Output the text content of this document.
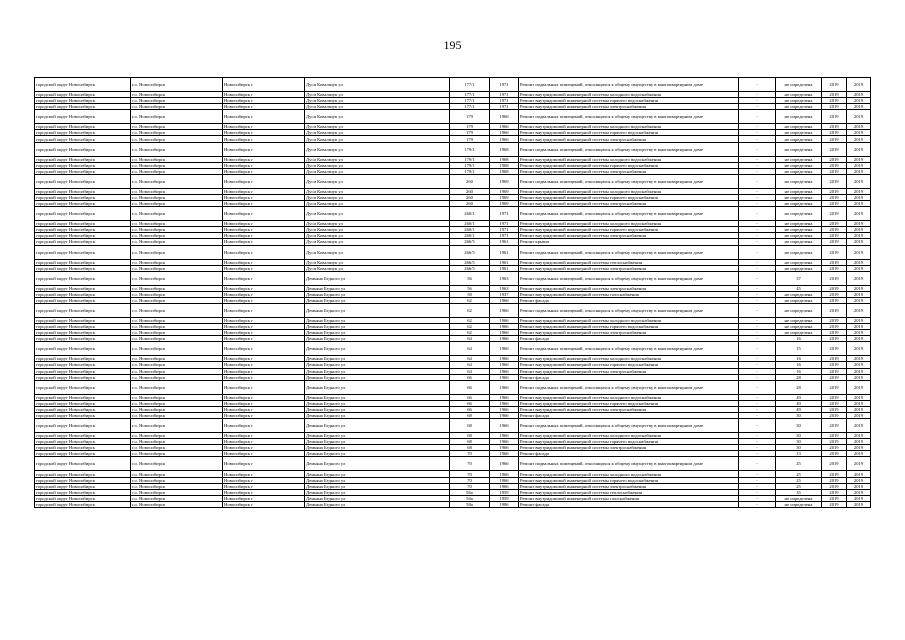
195
городской округ Новосибирск	г.о. Новосибирск	Новосибирск г	Дуси Ковальчук ул	177/1	1971	Ремонт подвальных помещений, относящихся к общему имуществу в многоквартирном доме	-	не определена	2019	2019
городской округ Новосибирск	г.о. Новосибирск	Новосибирск г	Дуси Ковальчук ул	177/1	1971	Ремонт внутридомовой инженерной системы холодного водоснабжения	-	не определена	2019	2019
городской округ Новосибирск	г.о. Новосибирск	Новосибирск г	Дуси Ковальчук ул	177/1	1971	Ремонт внутридомовой инженерной системы горячего водоснабжения	-	не определена	2019	2019
городской округ Новосибирск	г.о. Новосибирск	Новосибирск г	Дуси Ковальчук ул	177/1	1971	Ремонт внутридомовой инженерной системы электроснабжения	-	не определена	2019	2019
городской округ Новосибирск	г.о. Новосибирск	Новосибирск г	Дуси Ковальчук ул	179	1966	Ремонт подвальных помещений, относящихся к общему имуществу в многоквартирном доме	-	не определена	2019	2019
городской округ Новосибирск	г.о. Новосибирск	Новосибирск г	Дуси Ковальчук ул	179	1966	Ремонт внутридомовой инженерной системы холодного водоснабжения	-	не определена	2019	2019
городской округ Новосибирск	г.о. Новосибирск	Новосибирск г	Дуси Ковальчук ул	179	1966	Ремонт внутридомовой инженерной системы горячего водоснабжения	-	не определена	2019	2019
городской округ Новосибирск	г.о. Новосибирск	Новосибирск г	Дуси Ковальчук ул	179	1966	Ремонт внутридомовой инженерной системы электроснабжения	-	не определена	2019	2019
городской округ Новосибирск	г.о. Новосибирск	Новосибирск г	Дуси Ковальчук ул	179/1	1968	Ремонт подвальных помещений, относящихся к общему имуществу в многоквартирном доме	-	не определена	2019	2019
городской округ Новосибирск	г.о. Новосибирск	Новосибирск г	Дуси Ковальчук ул	179/1	1968	Ремонт внутридомовой инженерной системы холодного водоснабжения	-	не определена	2019	2019
городской округ Новосибирск	г.о. Новосибирск	Новосибирск г	Дуси Ковальчук ул	179/1	1968	Ремонт внутридомовой инженерной системы горячего водоснабжения	-	не определена	2019	2019
городской округ Новосибирск	г.о. Новосибирск	Новосибирск г	Дуси Ковальчук ул	179/1	1968	Ремонт внутридомовой инженерной системы электроснабжения	-	не определена	2019	2019
городской округ Новосибирск	г.о. Новосибирск	Новосибирск г	Дуси Ковальчук ул	260	1969	Ремонт подвальных помещений, относящихся к общему имуществу в многоквартирном доме	-	не определена	2019	2019
городской округ Новосибирск	г.о. Новосибирск	Новосибирск г	Дуси Ковальчук ул	260	1969	Ремонт внутридомовой инженерной системы холодного водоснабжения	-	не определена	2019	2019
городской округ Новосибирск	г.о. Новосибирск	Новосибирск г	Дуси Ковальчук ул	260	1969	Ремонт внутридомовой инженерной системы горячего водоснабжения	-	не определена	2019	2019
городской округ Новосибирск	г.о. Новосибирск	Новосибирск г	Дуси Ковальчук ул	260	1969	Ремонт внутридомовой инженерной системы электроснабжения	-	не определена	2019	2019
городской округ Новосибирск	г.о. Новосибирск	Новосибирск г	Дуси Ковальчук ул	260/1	1971	Ремонт подвальных помещений, относящихся к общему имуществу в многоквартирном доме	-	не определена	2019	2019
городской округ Новосибирск	г.о. Новосибирск	Новосибирск г	Дуси Ковальчук ул	260/1	1971	Ремонт внутридомовой инженерной системы холодного водоснабжения	-	не определена	2019	2019
городской округ Новосибирск	г.о. Новосибирск	Новосибирск г	Дуси Ковальчук ул	260/1	1971	Ремонт внутридомовой инженерной системы горячего водоснабжения	-	не определена	2019	2019
городской округ Новосибирск	г.о. Новосибирск	Новосибирск г	Дуси Ковальчук ул	260/1	1971	Ремонт внутридомовой инженерной системы электроснабжения	-	не определена	2019	2019
городской округ Новосибирск	г.о. Новосибирск	Новосибирск г	Дуси Ковальчук ул	266/5	1961	Ремонт крыши	-	не определена	2019	2019
городской округ Новосибирск	г.о. Новосибирск	Новосибирск г	Дуси Ковальчук ул	266/5	1961	Ремонт подвальных помещений, относящихся к общему имуществу в многоквартирном доме	-	не определена	2019	2019
городской округ Новосибирск	г.о. Новосибирск	Новосибирск г	Дуси Ковальчук ул	266/5	1961	Ремонт внутридомовой инженерной системы теплоснабжения	-	не определена	2019	2019
городской округ Новосибирск	г.о. Новосибирск	Новосибирск г	Дуси Ковальчук ул	266/5	1961	Ремонт внутридомовой инженерной системы электроснабжения	-	не определена	2019	2019
городской округ Новосибирск	г.о. Новосибирск	Новосибирск г	Демьяна Бедного ул	56	1963	Ремонт подвальных помещений, относящихся к общему имуществу в многоквартирном доме	-	37	2019	2019
городской округ Новосибирск	г.о. Новосибирск	Новосибирск г	Демьяна Бедного ул	56	1963	Ремонт внутридомовой инженерной системы электроснабжения	-	45	2019	2019
городской округ Новосибирск	г.о. Новосибирск	Новосибирск г	Демьяна Бедного ул	58	1937	Ремонт внутридомовой инженерной системы газоснабжения	-	не определена	2019	2019
городской округ Новосибирск	г.о. Новосибирск	Новосибирск г	Демьяна Бедного ул	62	1966	Ремонт фасада	-	не определена	2019	2019
городской округ Новосибирск	г.о. Новосибирск	Новосибирск г	Демьяна Бедного ул	62	1966	Ремонт подвальных помещений, относящихся к общему имуществу в многоквартирном доме	-	не определена	2019	2019
городской округ Новосибирск	г.о. Новосибирск	Новосибирск г	Демьяна Бедного ул	62	1966	Ремонт внутридомовой инженерной системы холодного водоснабжения	-	не определена	2019	2019
городской округ Новосибирск	г.о. Новосибирск	Новосибирск г	Демьяна Бедного ул	62	1966	Ремонт внутридомовой инженерной системы горячего водоснабжения	-	не определена	2019	2019
городской округ Новосибирск	г.о. Новосибирск	Новосибирск г	Демьяна Бедного ул	62	1966	Ремонт внутридомовой инженерной системы электроснабжения	-	не определена	2019	2019
городской округ Новосибирск	г.о. Новосибирск	Новосибирск г	Демьяна Бедного ул	64	1966	Ремонт фасада	-	16	2019	2019
городской округ Новосибирск	г.о. Новосибирск	Новосибирск г	Демьяна Бедного ул	64	1966	Ремонт подвальных помещений, относящихся к общему имуществу в многоквартирном доме	-	15	2019	2019
городской округ Новосибирск	г.о. Новосибирск	Новосибирск г	Демьяна Бедного ул	64	1966	Ремонт внутридомовой инженерной системы холодного водоснабжения	-	16	2019	2019
городской округ Новосибирск	г.о. Новосибирск	Новосибирск г	Демьяна Бедного ул	64	1966	Ремонт внутридомовой инженерной системы горячего водоснабжения	-	16	2019	2019
городской округ Новосибирск	г.о. Новосибирск	Новосибирск г	Демьяна Бедного ул	64	1966	Ремонт внутридомовой инженерной системы электроснабжения	-	16	2019	2019
городской округ Новосибирск	г.о. Новосибирск	Новосибирск г	Демьяна Бедного ул	66	1966	Ремонт фасада	-	28	2019	2019
городской округ Новосибирск	г.о. Новосибирск	Новосибирск г	Демьяна Бедного ул	66	1966	Ремонт подвальных помещений, относящихся к общему имуществу в многоквартирном доме	-	28	2019	2019
городской округ Новосибирск	г.о. Новосибирск	Новосибирск г	Демьяна Бедного ул	66	1966	Ремонт внутридомовой инженерной системы холодного водоснабжения	-	49	2019	2019
городской округ Новосибирск	г.о. Новосибирск	Новосибирск г	Демьяна Бедного ул	66	1966	Ремонт внутридомовой инженерной системы горячего водоснабжения	-	49	2019	2019
городской округ Новосибирск	г.о. Новосибирск	Новосибирск г	Демьяна Бедного ул	66	1966	Ремонт внутридомовой инженерной системы электроснабжения	-	49	2019	2019
городской округ Новосибирск	г.о. Новосибирск	Новосибирск г	Демьяна Бедного ул	68	1966	Ремонт фасада	-	30	2019	2019
городской округ Новосибирск	г.о. Новосибирск	Новосибирск г	Демьяна Бедного ул	68	1966	Ремонт подвальных помещений, относящихся к общему имуществу в многоквартирном доме	-	30	2019	2019
городской округ Новосибирск	г.о. Новосибирск	Новосибирск г	Демьяна Бедного ул	68	1966	Ремонт внутридомовой инженерной системы холодного водоснабжения	-	30	2019	2019
городской округ Новосибирск	г.о. Новосибирск	Новосибирск г	Демьяна Бедного ул	68	1966	Ремонт внутридомовой инженерной системы горячего водоснабжения	-	30	2019	2019
городской округ Новосибирск	г.о. Новосибирск	Новосибирск г	Демьяна Бедного ул	68	1966	Ремонт внутридомовой инженерной системы электроснабжения	-	30	2019	2019
городской округ Новосибирск	г.о. Новосибирск	Новосибирск г	Демьяна Бедного ул	70	1966	Ремонт фасада	-	13	2019	2019
городской округ Новосибирск	г.о. Новосибирск	Новосибирск г	Демьяна Бедного ул	70	1966	Ремонт подвальных помещений, относящихся к общему имуществу в многоквартирном доме	-	25	2019	2019
городской округ Новосибирск	г.о. Новосибирск	Новосибирск г	Демьяна Бедного ул	70	1966	Ремонт внутридомовой инженерной системы холодного водоснабжения	-	25	2019	2019
городской округ Новосибирск	г.о. Новосибирск	Новосибирск г	Демьяна Бедного ул	70	1966	Ремонт внутридомовой инженерной системы горячего водоснабжения	-	25	2019	2019
городской округ Новосибирск	г.о. Новосибирск	Новосибирск г	Демьяна Бедного ул	70	1966	Ремонт внутридомовой инженерной системы электроснабжения	-	25	2019	2019
городской округ Новосибирск	г.о. Новосибирск	Новосибирск г	Демьяна Бедного ул	56а	1959	Ремонт внутридомовой инженерной системы теплоснабжения	-	35	2019	2019
городской округ Новосибирск	г.о. Новосибирск	Новосибирск г	Демьяна Бедного ул	56а	1959	Ремонт внутридомовой инженерной системы газоснабжения	-	не определена	2019	2019
городской округ Новосибирск	г.о. Новосибирск	Новосибирск г	Демьяна Бедного ул	58а	1986	Ремонт фасада	-	не определена	2019	2019
